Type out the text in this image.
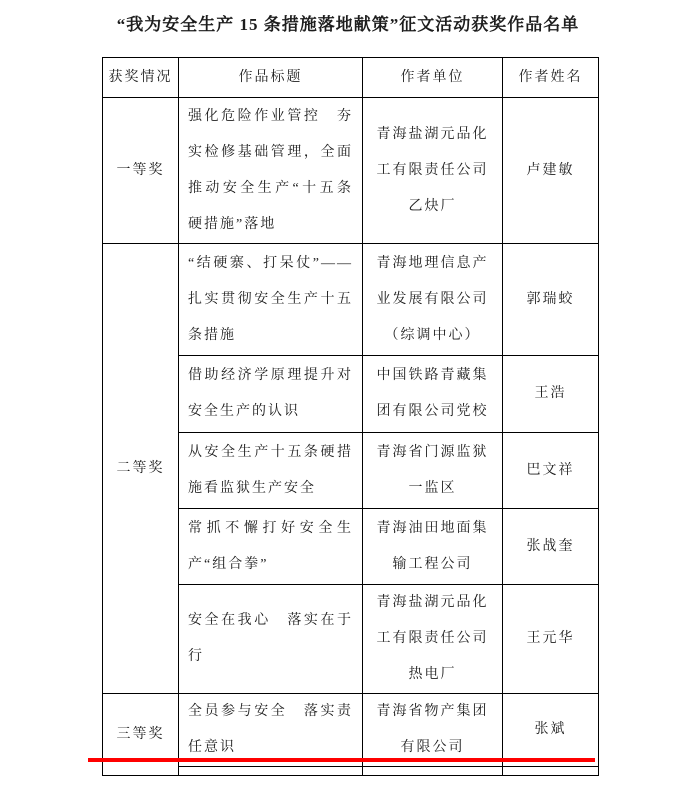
“我为安全生产 15 条措施落地献策”征文活动获奖作品名单
获奖情况	作品标题	作者单位	作者姓名
一等奖	强化危险作业管控　夯实检修基础管理，全面推动安全生产“十五条硬措施”落地	青海盐湖元品化工有限责任公司乙炔厂	卢建敏
二等奖	“结硬寨、打呆仗”——扎实贯彻安全生产十五条措施	青海地理信息产业发展有限公司（综调中心）	郭瑞蛟
	借助经济学原理提升对安全生产的认识	中国铁路青藏集团有限公司党校	王浩
	从安全生产十五条硬措施看监狱生产安全	青海省门源监狱一监区	巴文祥
	常抓不懈打好安全生产“组合拳”	青海油田地面集输工程公司	张战奎
	安全在我心　落实在于行	青海盐湖元品化工有限责任公司热电厂	王元华
三等奖	全员参与安全　落实责任意识	青海省物产集团有限公司	张斌
